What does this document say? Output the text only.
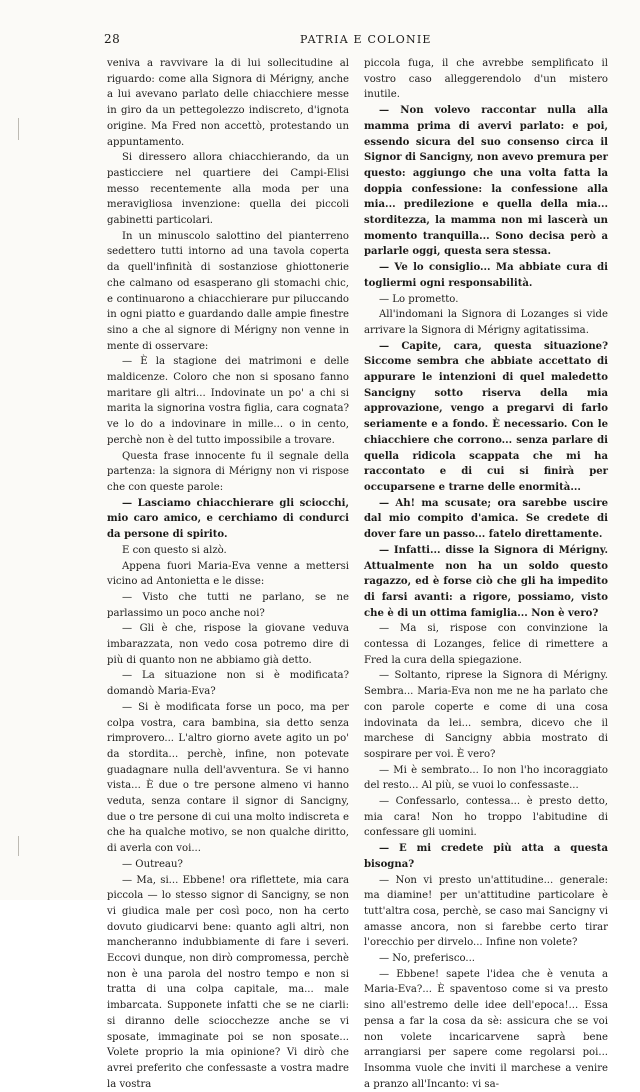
28	PATRIA E COLONIE

veniva a ravvivare la di lui sollecitudine al riguardo: come alla Signora di Mérigny, anche a lui avevano parlato delle chiacchiere messe in giro da un pettegolezzo indiscreto, d'ignota origine. Ma Fred non accettò, protestando un appuntamento.

Si diressero allora chiacchierando, da un pasticciere nel quartiere dei Campi-Elisi messo recentemente alla moda per una meravigliosa invenzione: quella dei piccoli gabinetti particolari.

In un minuscolo salottino del pianterreno sedettero tutti intorno ad una tavola coperta da quell'infinità di sostanziose ghiottonerie che calmano od esasperano gli stomachi chic, e continuarono a chiacchierare pur piluccando in ogni piatto e guardando dalle ampie finestre sino a che al signore di Mérigny non venne in mente di osservare:

— È la stagione dei matrimoni e delle maldicenze. Coloro che non si sposano fanno maritare gli altri... Indovinate un po' a chi si marita la signorina vostra figlia, cara cognata? ve lo do a indovinare in mille... o in cento, perchè non è del tutto impossibile a trovare.

Questa frase innocente fu il segnale della partenza: la signora di Mérigny non vi rispose che con queste parole:

— Lasciamo chiacchierare gli sciocchi, mio caro amico, e cerchiamo di condurci da persone di spirito.

E con questo si alzò.

Appena fuori Maria-Eva venne a mettersi vicino ad Antonietta e le disse:

— Visto che tutti ne parlano, se ne parlassimo un poco anche noi?

— Gli è che, rispose la giovane veduva imbarazzata, non vedo cosa potremo dire di più di quanto non ne abbiamo già detto.

— La situazione non si è modificata? domandò Maria-Eva?

— Si è modificata forse un poco, ma per colpa vostra, cara bambina, sia detto senza rimprovero... L'altro giorno avete agito un po' da stordita... perchè, infine, non potevate guadagnare nulla dell'avventura. Se vi hanno vista... È due o tre persone almeno vi hanno veduta, senza contare il signor di Sancigny, due o tre persone di cui una molto indiscreta e che ha qualche motivo, se non qualche diritto, di averla con voi...

— Outreau?

— Ma, si... Ebbene! ora riflettete, mia cara piccola — lo stesso signor di Sancigny, se non vi giudica male per così poco, non ha certo dovuto giudicarvi bene: quanto agli altri, non mancheranno indubbiamente di fare i severi. Eccovi dunque, non dirò compromessa, perchè non è una parola del nostro tempo e non si tratta di una colpa capitale, ma... male imbarcata. Supponete infatti che se ne ciarli: si diranno delle sciocchezze anche se vi sposate, immaginate poi se non sposate... Volete proprio la mia opinione? Vi dirò che avrei preferito che confessaste a vostra madre la vostra

piccola fuga, il che avrebbe semplificato il vostro caso alleggerendolo d'un mistero inutile.

— Non volevo raccontar nulla alla mamma prima di avervi parlato: e poi, essendo sicura del suo consenso circa il Signor di Sancigny, non avevo premura per questo: aggiungo che una volta fatta la doppia confessione: la confessione alla mia... predilezione e quella della mia... storditezza, la mamma non mi lascerà un momento tranquilla... Sono decisa però a parlarle oggi, questa sera stessa.

— Ve lo consiglio... Ma abbiate cura di togliermi ogni responsabilità.

— Lo prometto.

All'indomani la Signora di Lozanges si vide arrivare la Signora di Mérigny agitatissima.

— Capite, cara, questa situazione? Siccome sembra che abbiate accettato di appurare le intenzioni di quel maledetto Sancigny sotto riserva della mia approvazione, vengo a pregarvi di farlo seriamente e a fondo. È necessario. Con le chiacchiere che corrono... senza parlare di quella ridicola scappata che mi ha raccontato e di cui si finirà per occuparsene e trarne delle enormità...

— Ah! ma scusate; ora sarebbe uscire dal mio compito d'amica. Se credete di dover fare un passo... fatelo direttamente.

— Infatti... disse la Signora di Mérigny. Attualmente non ha un soldo questo ragazzo, ed è forse ciò che gli ha impedito di farsi avanti: a rigore, possiamo, visto che è di un ottima famiglia... Non è vero?

— Ma si, rispose con convinzione la contessa di Lozanges, felice di rimettere a Fred la cura della spiegazione.

— Soltanto, riprese la Signora di Mérigny. Sembra... Maria-Eva non me ne ha parlato che con parole coperte e come di una cosa indovinata da lei... sembra, dicevo che il marchese di Sancigny abbia mostrato di sospirare per voi. È vero?

— Mi è sembrato... Io non l'ho incoraggiato del resto... Al più, se vuoi lo confessaste...

— Confessarlo, contessa... è presto detto, mia cara! Non ho troppo l'abitudine di confessare gli uomini.

— E mi credete più atta a questa bisogna?

— Non vi presto un'attitudine... generale: ma diamine! per un'attitudine particolare è tutt'altra cosa, perchè, se caso mai Sancigny vi amasse ancora, non si farebbe certo tirar l'orecchio per dirvelo... Infine non volete?

— No, preferisco...

— Ebbene! sapete l'idea che è venuta a Maria-Eva?... È spaventoso come si va presto sino all'estremo delle idee dell'epoca!... Essa pensa a far la cosa da sè: assicura che se voi non volete incaricarvene saprà bene arrangiarsi per sapere come regolarsi poi... Insomma vuole che inviti il marchese a venire a pranzo all'Incanto: vi sa-
